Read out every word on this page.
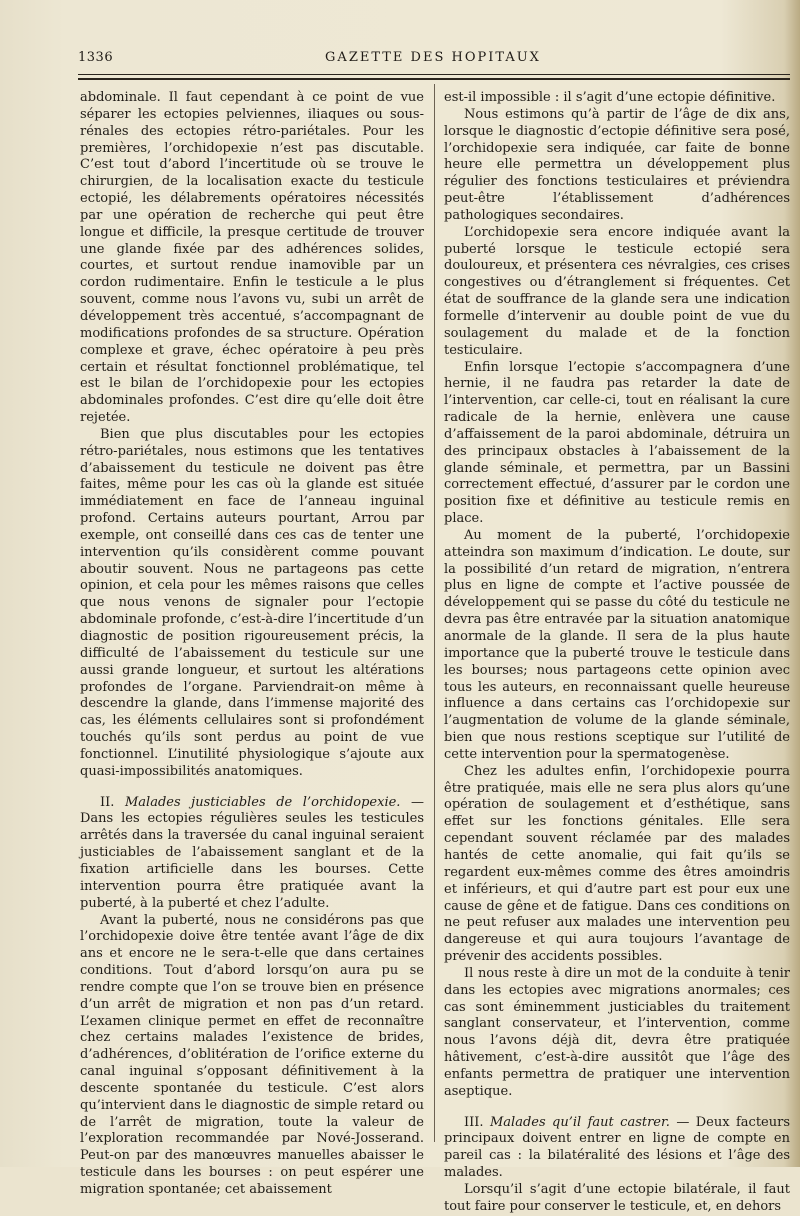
1336	GAZETTE DES HOPITAUX

abdominale. Il faut cependant à ce point de vue séparer les ectopies pelviennes, iliaques ou sous-rénales des ectopies rétro-pariétales. Pour les premières, l’orchidopexie n’est pas discutable. C’est tout d’abord l’incertitude où se trouve le chirurgien, de la localisation exacte du testicule ectopié, les délabrements opératoires nécessités par une opération de recherche qui peut être longue et difficile, la presque certitude de trouver une glande fixée par des adhérences solides, courtes, et surtout rendue inamovible par un cordon rudimentaire. Enfin le testicule a le plus souvent, comme nous l’avons vu, subi un arrêt de développement très accentué, s’accompagnant de modifications profondes de sa structure. Opération complexe et grave, échec opératoire à peu près certain et résultat fonctionnel problématique, tel est le bilan de l’orchidopexie pour les ectopies abdominales profondes. C’est dire qu’elle doit être rejetée.

Bien que plus discutables pour les ectopies rétro-pariétales, nous estimons que les tentatives d’abaissement du testicule ne doivent pas être faites, même pour les cas où la glande est située immédiatement en face de l’anneau inguinal profond. Certains auteurs pourtant, Arrou par exemple, ont conseillé dans ces cas de tenter une intervention qu’ils considèrent comme pouvant aboutir souvent. Nous ne partageons pas cette opinion, et cela pour les mêmes raisons que celles que nous venons de signaler pour l’ectopie abdominale profonde, c’est-à-dire l’incertitude d’un diagnostic de position rigoureusement précis, la difficulté de l’abaissement du testicule sur une aussi grande longueur, et surtout les altérations profondes de l’organe. Parviendrait-on même à descendre la glande, dans l’immense majorité des cas, les éléments cellulaires sont si profondément touchés qu’ils sont perdus au point de vue fonctionnel. L’inutilité physiologique s’ajoute aux quasi-impossibilités anatomiques.

II. Malades justiciables de l’orchidopexie. — Dans les ectopies régulières seules les testicules arrêtés dans la traversée du canal inguinal seraient justiciables de l’abaissement sanglant et de la fixation artificielle dans les bourses. Cette intervention pourra être pratiquée avant la puberté, à la puberté et chez l’adulte.

Avant la puberté, nous ne considérons pas que l’orchidopexie doive être tentée avant l’âge de dix ans et encore ne le sera-t-elle que dans certaines conditions. Tout d’abord lorsqu’on aura pu se rendre compte que l’on se trouve bien en présence d’un arrêt de migration et non pas d’un retard. L’examen clinique permet en effet de reconnaître chez certains malades l’existence de brides, d’adhérences, d’oblitération de l’orifice externe du canal inguinal s’opposant définitivement à la descente spontanée du testicule. C’est alors qu’intervient dans le diagnostic de simple retard ou de l’arrêt de migration, toute la valeur de l’exploration recommandée par Nové-Josserand. Peut-on par des manœuvres manuelles abaisser le testicule dans les bourses : on peut espérer une migration spontanée; cet abaissement

est-il impossible : il s’agit d’une ectopie définitive.

Nous estimons qu’à partir de l’âge de dix ans, lorsque le diagnostic d’ectopie définitive sera posé, l’orchidopexie sera indiquée, car faite de bonne heure elle permettra un développement plus régulier des fonctions testiculaires et préviendra peut-être l’établissement d’adhérences pathologiques secondaires.

L’orchidopexie sera encore indiquée avant la puberté lorsque le testicule ectopié sera douloureux, et présentera ces névralgies, ces crises congestives ou d’étranglement si fréquentes. Cet état de souffrance de la glande sera une indication formelle d’intervenir au double point de vue du soulagement du malade et de la fonction testiculaire.

Enfin lorsque l’ectopie s’accompagnera d’une hernie, il ne faudra pas retarder la date de l’intervention, car celle-ci, tout en réalisant la cure radicale de la hernie, enlèvera une cause d’affaissement de la paroi abdominale, détruira un des principaux obstacles à l’abaissement de la glande séminale, et permettra, par un Bassini correctement effectué, d’assurer par le cordon une position fixe et définitive au testicule remis en place.

Au moment de la puberté, l’orchidopexie atteindra son maximum d’indication. Le doute, sur la possibilité d’un retard de migration, n’entrera plus en ligne de compte et l’active poussée de développement qui se passe du côté du testicule ne devra pas être entravée par la situation anatomique anormale de la glande. Il sera de la plus haute importance que la puberté trouve le testicule dans les bourses; nous partageons cette opinion avec tous les auteurs, en reconnaissant quelle heureuse influence a dans certains cas l’orchidopexie sur l’augmentation de volume de la glande séminale, bien que nous restions sceptique sur l’utilité de cette intervention pour la spermatogenèse.

Chez les adultes enfin, l’orchidopexie pourra être pratiquée, mais elle ne sera plus alors qu’une opération de soulagement et d’esthétique, sans effet sur les fonctions génitales. Elle sera cependant souvent réclamée par des malades hantés de cette anomalie, qui fait qu’ils se regardent eux-mêmes comme des êtres amoindris et inférieurs, et qui d’autre part est pour eux une cause de gêne et de fatigue. Dans ces conditions on ne peut refuser aux malades une intervention peu dangereuse et qui aura toujours l’avantage de prévenir des accidents possibles.

Il nous reste à dire un mot de la conduite à tenir dans les ectopies avec migrations anormales; ces cas sont éminemment justiciables du traitement sanglant conservateur, et l’intervention, comme nous l’avons déjà dit, devra être pratiquée hâtivement, c’est-à-dire aussitôt que l’âge des enfants permettra de pratiquer une intervention aseptique.

III. Malades qu’il faut castrer. — Deux facteurs principaux doivent entrer en ligne de compte en pareil cas : la bilatéralité des lésions et l’âge des malades.

Lorsqu’il s’agit d’une ectopie bilatérale, il faut tout faire pour conserver le testicule, et, en dehors
